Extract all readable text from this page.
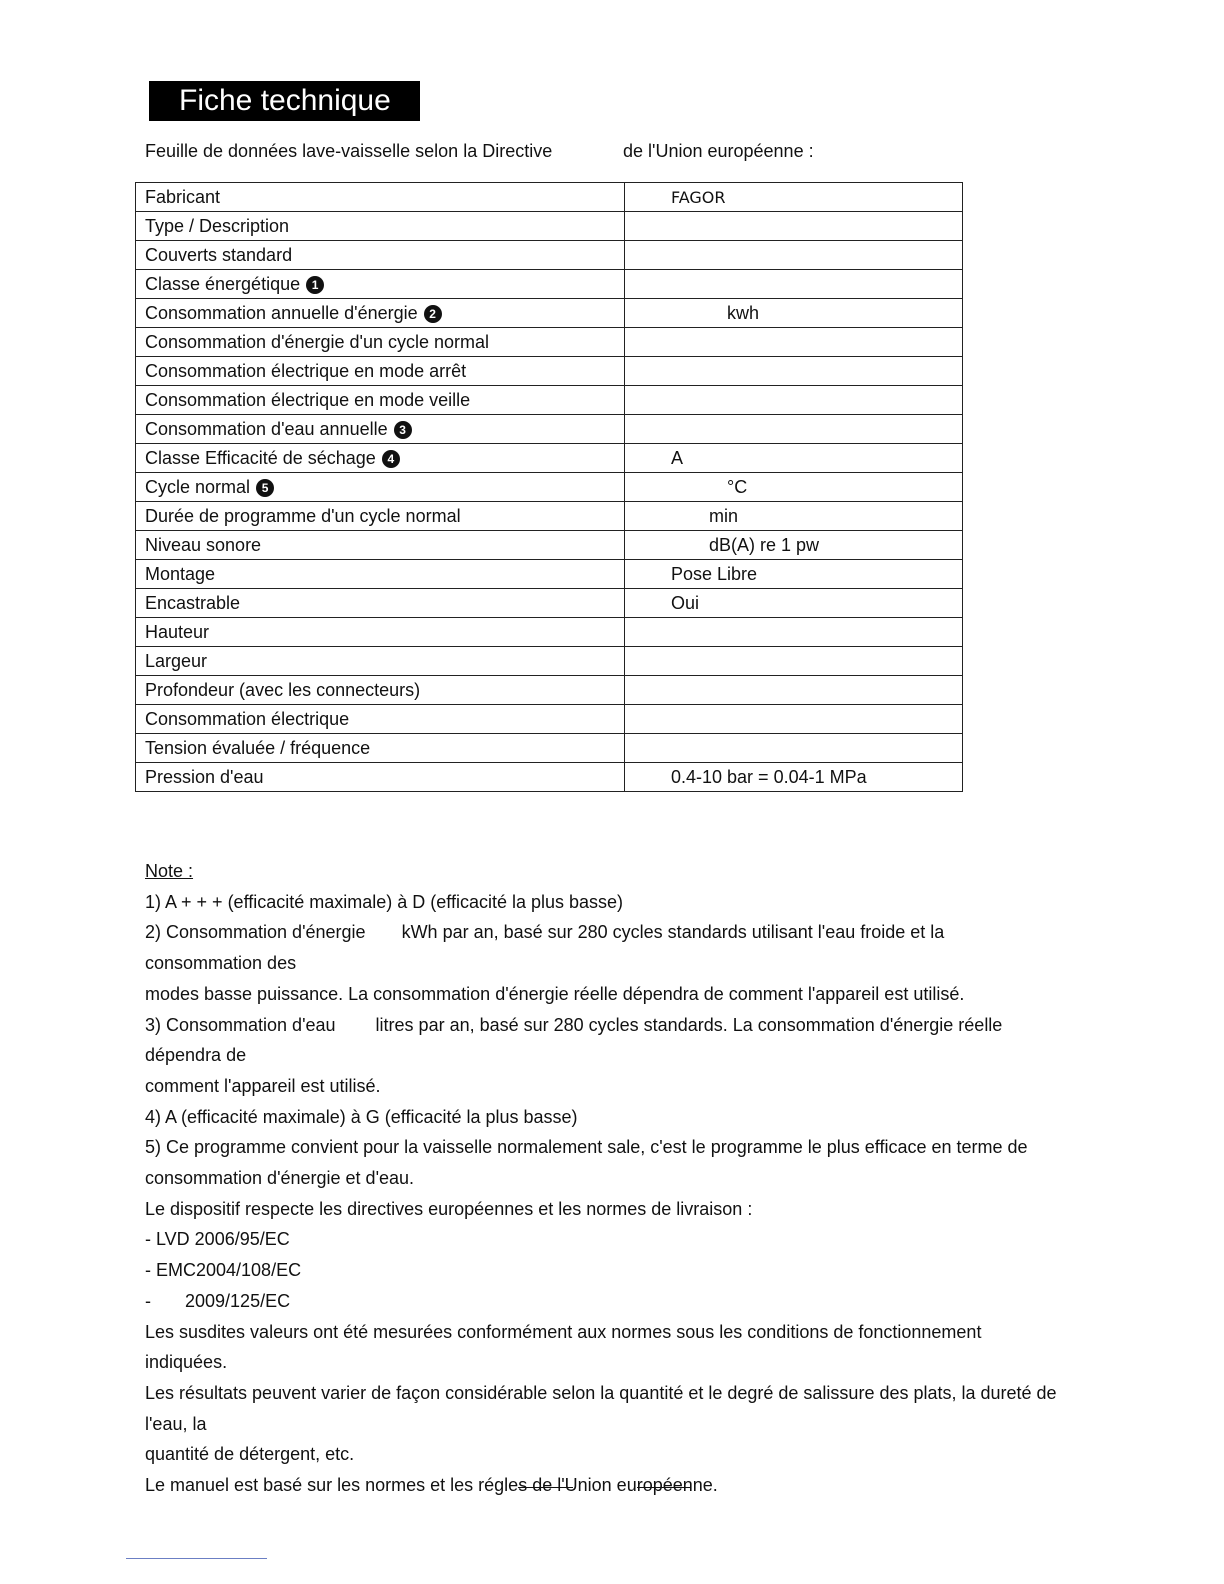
Fiche technique
Feuille de données lave-vaisselle selon la Directive	de l'Union européenne :
Fabricant	FAGOR
Type / Description	
Couverts standard	
Classe énergétique 1	
Consommation annuelle d'énergie 2	kwh
Consommation d'énergie d'un cycle normal	
Consommation électrique en mode arrêt	
Consommation électrique en mode veille	
Consommation d'eau annuelle 3	
Classe Efficacité de séchage 4	A
Cycle normal 5	°C
Durée de programme d'un cycle normal	min
Niveau sonore	dB(A) re 1 pw
Montage	Pose Libre
Encastrable	Oui
Hauteur	
Largeur	
Profondeur (avec les connecteurs)	
Consommation électrique	
Tension évaluée / fréquence	
Pression d'eau	0.4-10 bar = 0.04-1 MPa

Note :

1) A + + + (efficacité maximale) à D (efficacité la plus basse)

2) Consommation d'énergie kWh par an, basé sur 280 cycles standards utilisant l'eau froide et la consommation des

modes basse puissance. La consommation d'énergie réelle dépendra de comment l'appareil est utilisé.

3) Consommation d'eau litres par an, basé sur 280 cycles standards. La consommation d'énergie réelle dépendra de

comment l'appareil est utilisé.

4) A (efficacité maximale) à G (efficacité la plus basse)

5) Ce programme convient pour la vaisselle normalement sale, c'est le programme le plus efficace en terme de

consommation d'énergie et d'eau.

Le dispositif respecte les directives européennes et les normes de livraison :

- LVD 2006/95/EC

- EMC2004/108/EC

- 2009/125/EC

Les susdites valeurs ont été mesurées conformément aux normes sous les conditions de fonctionnement indiquées.

Les résultats peuvent varier de façon considérable selon la quantité et le degré de salissure des plats, la dureté de l'eau, la

quantité de détergent, etc.

Le manuel est basé sur les normes et les régles de l'Union européenne.
